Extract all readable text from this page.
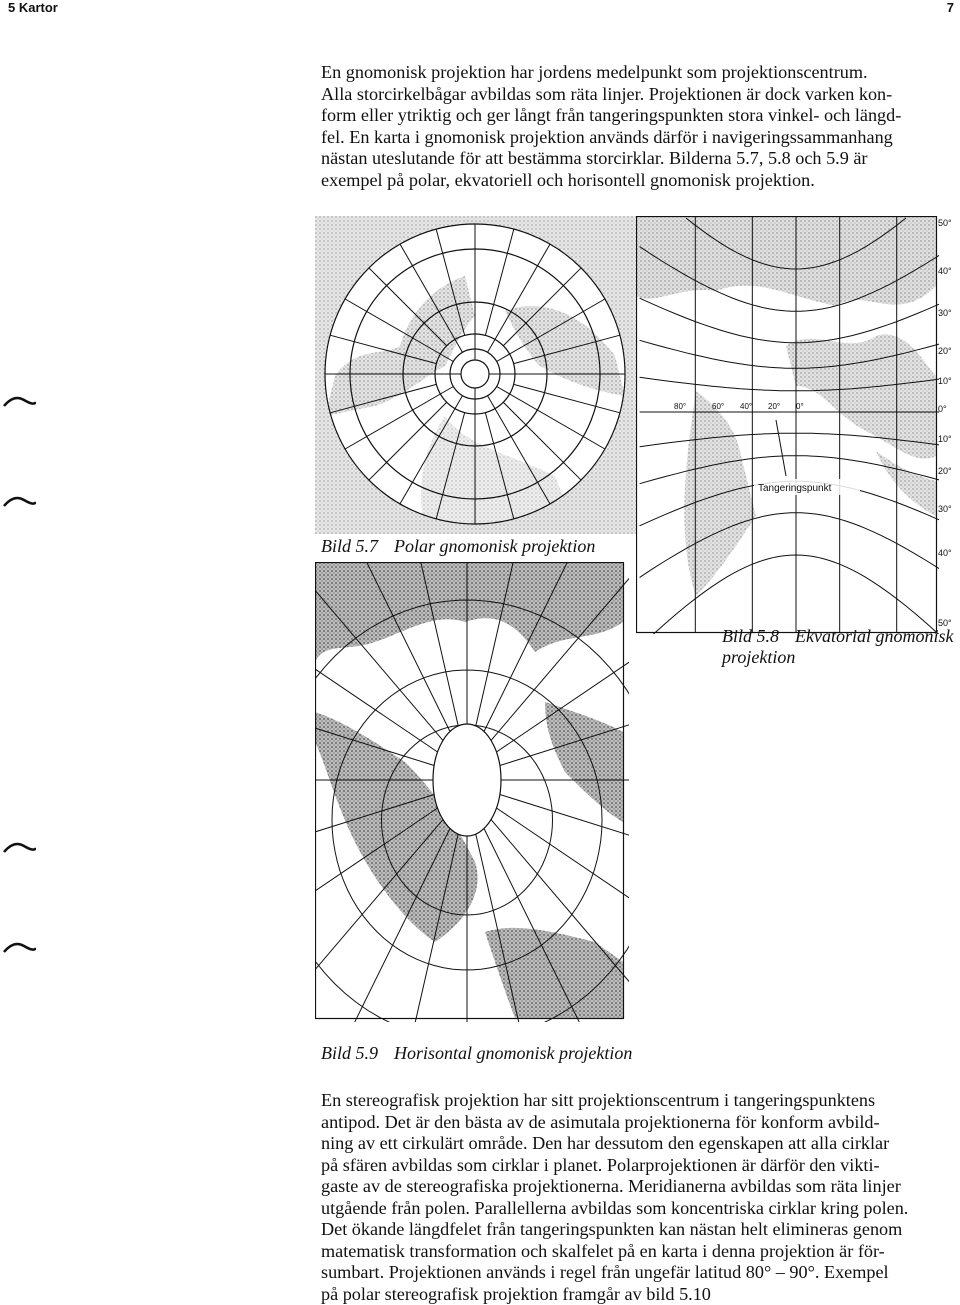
5 Kartor	7
En gnomonisk projektion har jordens medelpunkt som projektionscentrum.
Alla storcirkelbågar avbildas som räta linjer. Projektionen är dock varken kon-
form eller ytriktig och ger långt från tangeringspunkten stora vinkel- och längd-
fel. En karta i gnomonisk projektion används därför i navigeringssammanhang
nästan uteslutande för att bestämma storcirklar. Bilderna 5.7, 5.8 och 5.9 är
exempel på polar, ekvatoriell och horisontell gnomonisk projektion.
Bild 5.7 Polar gnomonisk projektion
50°
40°
30°
20°
10°
0°
10°
20°
30°
40°
50°
80°	60° 40° 20° 0°
Tangeringspunkt
Bild 5.8 Ekvatorial gnomonisk
projektion
Bild 5.9 Horisontal gnomonisk projektion
En stereografisk projektion har sitt projektionscentrum i tangeringspunktens
antipod. Det är den bästa av de asimutala projektionerna för konform avbild-
ning av ett cirkulärt område. Den har dessutom den egenskapen att alla cirklar
på sfären avbildas som cirklar i planet. Polarprojektionen är därför den vikti-
gaste av de stereografiska projektionerna. Meridianerna avbildas som räta linjer
utgående från polen. Parallellerna avbildas som koncentriska cirklar kring polen.
Det ökande längdfelet från tangeringspunkten kan nästan helt elimineras genom
matematisk transformation och skalfelet på en karta i denna projektion är för-
sumbart. Projektionen används i regel från ungefär latitud 80° – 90°. Exempel
på polar stereografisk projektion framgår av bild 5.10
